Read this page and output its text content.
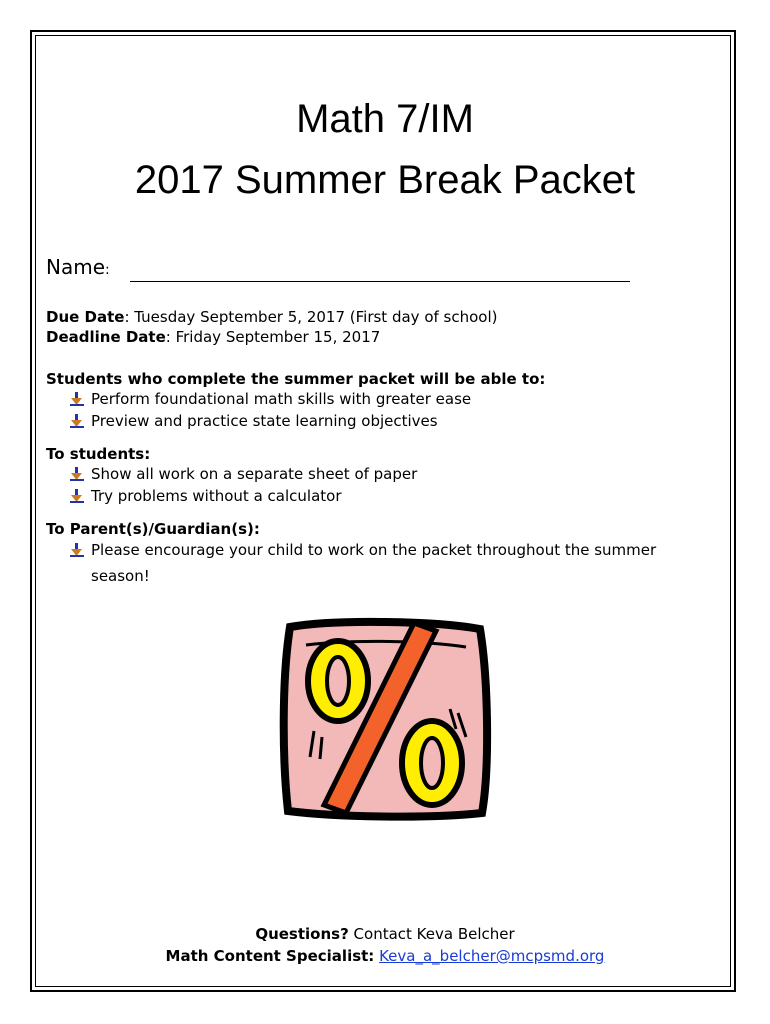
Math 7/IM
2017 Summer Break Packet
Name:
Due Date: Tuesday September 5, 2017 (First day of school)
Deadline Date: Friday September 15, 2017
Students who complete the summer packet will be able to:
Perform foundational math skills with greater ease
Preview and practice state learning objectives
To students:
Show all work on a separate sheet of paper
Try problems without a calculator
To Parent(s)/Guardian(s):
Please encourage your child to work on the packet throughout the summer
season!
Questions? Contact Keva Belcher
Math Content Specialist: Keva_a_belcher@mcpsmd.org
